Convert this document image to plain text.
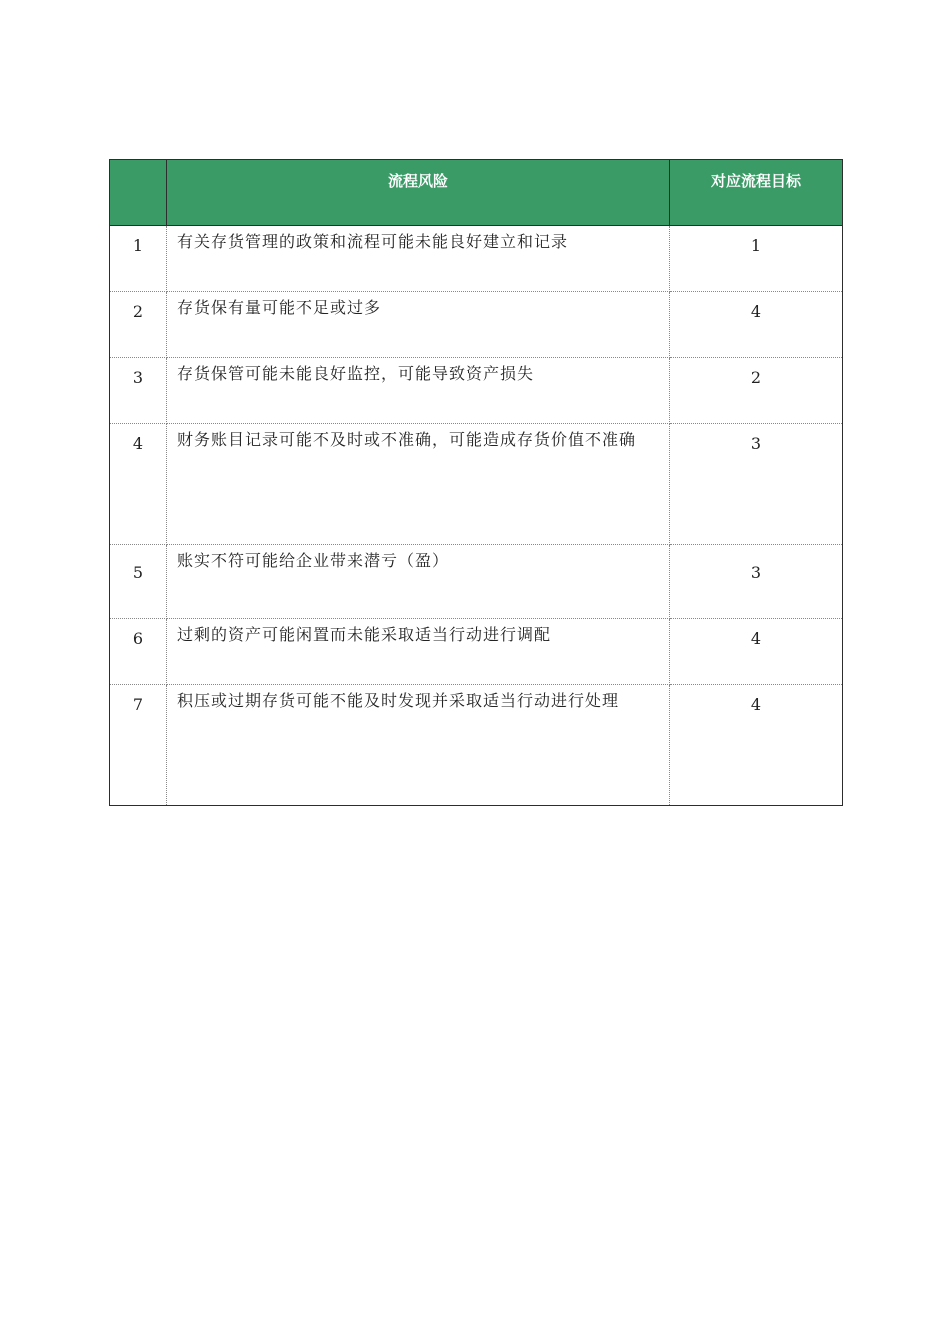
	流程风险	对应流程目标
1	有关存货管理的政策和流程可能未能良好建立和记录	1
2	存货保有量可能不足或过多	4
3	存货保管可能未能良好监控，可能导致资产损失	2
4	财务账目记录可能不及时或不准确，可能造成存货价值不准确	3
5	账实不符可能给企业带来潜亏（盈）	3
6	过剩的资产可能闲置而未能采取适当行动进行调配	4
7	积压或过期存货可能不能及时发现并采取适当行动进行处理	4
